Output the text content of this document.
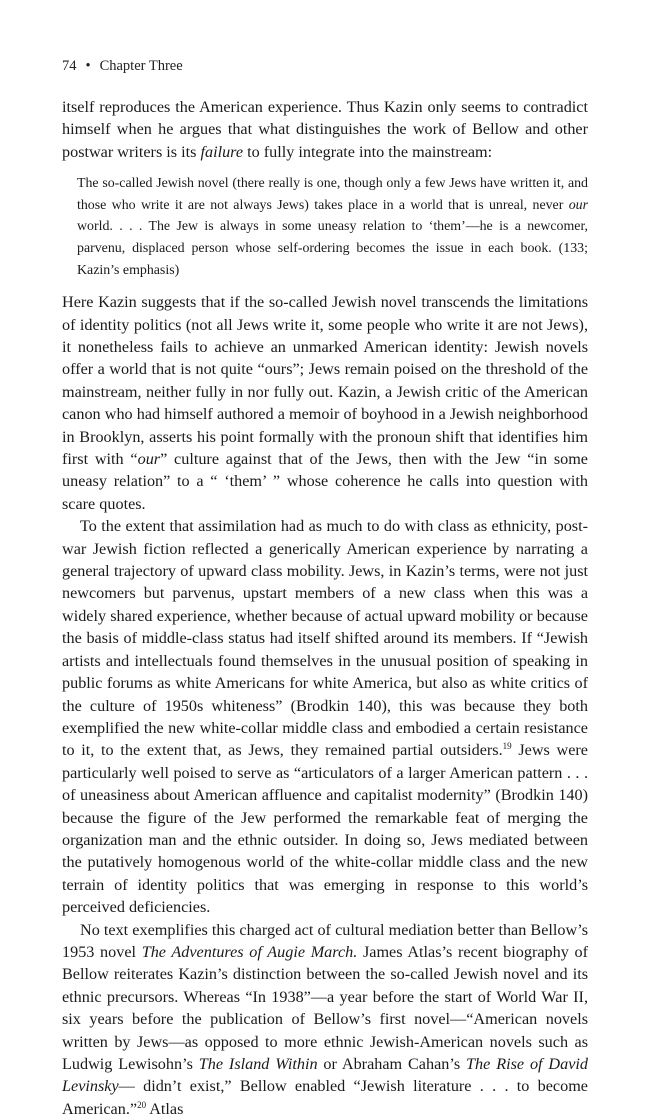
74 • Chapter Three

itself reproduces the American experience. Thus Kazin only seems to contradict himself when he argues that what distinguishes the work of Bellow and other postwar writers is its failure to fully integrate into the mainstream:

The so-called Jewish novel (there really is one, though only a few Jews have written it, and those who write it are not always Jews) takes place in a world that is unreal, never our world. . . . The Jew is always in some uneasy relation to ‘them’—he is a newcomer, parvenu, displaced person whose self-ordering becomes the issue in each book. (133; Kazin’s emphasis)

Here Kazin suggests that if the so-called Jewish novel transcends the limitations of identity politics (not all Jews write it, some people who write it are not Jews), it nonetheless fails to achieve an unmarked American identity: Jewish novels offer a world that is not quite “ours”; Jews remain poised on the threshold of the mainstream, neither fully in nor fully out. Kazin, a Jewish critic of the American canon who had himself authored a memoir of boyhood in a Jewish neighborhood in Brooklyn, asserts his point formally with the pronoun shift that identifies him first with “our” culture against that of the Jews, then with the Jew “in some uneasy relation” to a “ ‘them’ ” whose coherence he calls into question with scare quotes.

To the extent that assimilation had as much to do with class as ethnicity, postwar Jewish fiction reflected a generically American experience by narrating a general trajectory of upward class mobility. Jews, in Kazin’s terms, were not just newcomers but parvenus, upstart members of a new class when this was a widely shared experience, whether because of actual upward mobility or because the basis of middle-class status had itself shifted around its members. If “Jewish artists and intellectuals found themselves in the unusual position of speaking in public forums as white Americans for white America, but also as white critics of the culture of 1950s whiteness” (Brodkin 140), this was because they both exemplified the new white-collar middle class and embodied a certain resistance to it, to the extent that, as Jews, they remained partial outsiders.$^{19}$ Jews were particularly well poised to serve as “articulators of a larger American pattern . . . of uneasiness about American affluence and capitalist modernity” (Brodkin 140) because the figure of the Jew performed the remarkable feat of merging the organization man and the ethnic outsider. In doing so, Jews mediated between the putatively homogenous world of the white-collar middle class and the new terrain of identity politics that was emerging in response to this world’s perceived deficiencies.

No text exemplifies this charged act of cultural mediation better than Bellow’s 1953 novel The Adventures of Augie March. James Atlas’s recent biography of Bellow reiterates Kazin’s distinction between the so-called Jewish novel and its ethnic precursors. Whereas “In 1938”—a year before the start of World War II, six years before the publication of Bellow’s first novel—“American novels written by Jews—as opposed to more ethnic Jewish-American novels such as Ludwig Lewisohn’s The Island Within or Abraham Cahan’s The Rise of David Levinsky— didn’t exist,” Bellow enabled “Jewish literature . . . to become American.”$^{20}$ Atlas
